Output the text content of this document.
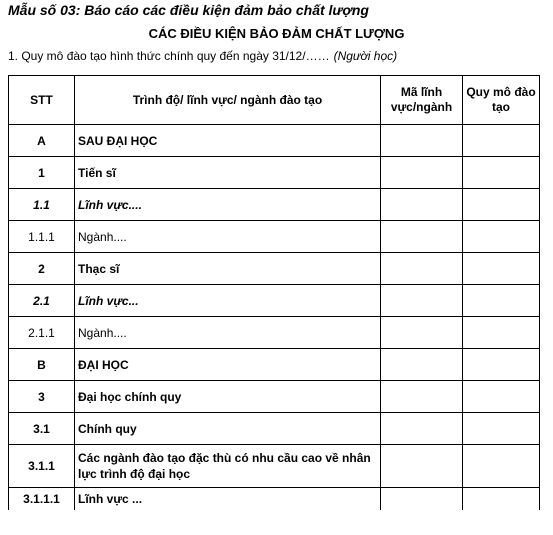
Mẫu số 03: Báo cáo các điều kiện đảm bảo chất lượng
CÁC ĐIỀU KIỆN BẢO ĐẢM CHẤT LƯỢNG
1. Quy mô đào tạo hình thức chính quy đến ngày 31/12/…… (Người học)
STT	Trình độ/ lĩnh vực/ ngành đào tạo	Mã lĩnh vực/ngành	Quy mô đào tạo
A	SAU ĐẠI HỌC		
1	Tiến sĩ		
1.1	Lĩnh vực....		
1.1.1	Ngành....		
2	Thạc sĩ		
2.1	Lĩnh vực...		
2.1.1	Ngành....		
B	ĐẠI HỌC		
3	Đại học chính quy		
3.1	Chính quy		
3.1.1	Các ngành đào tạo đặc thù có nhu cầu cao về nhân lực trình độ đại học		
3.1.1.1	Lĩnh vực ...		
